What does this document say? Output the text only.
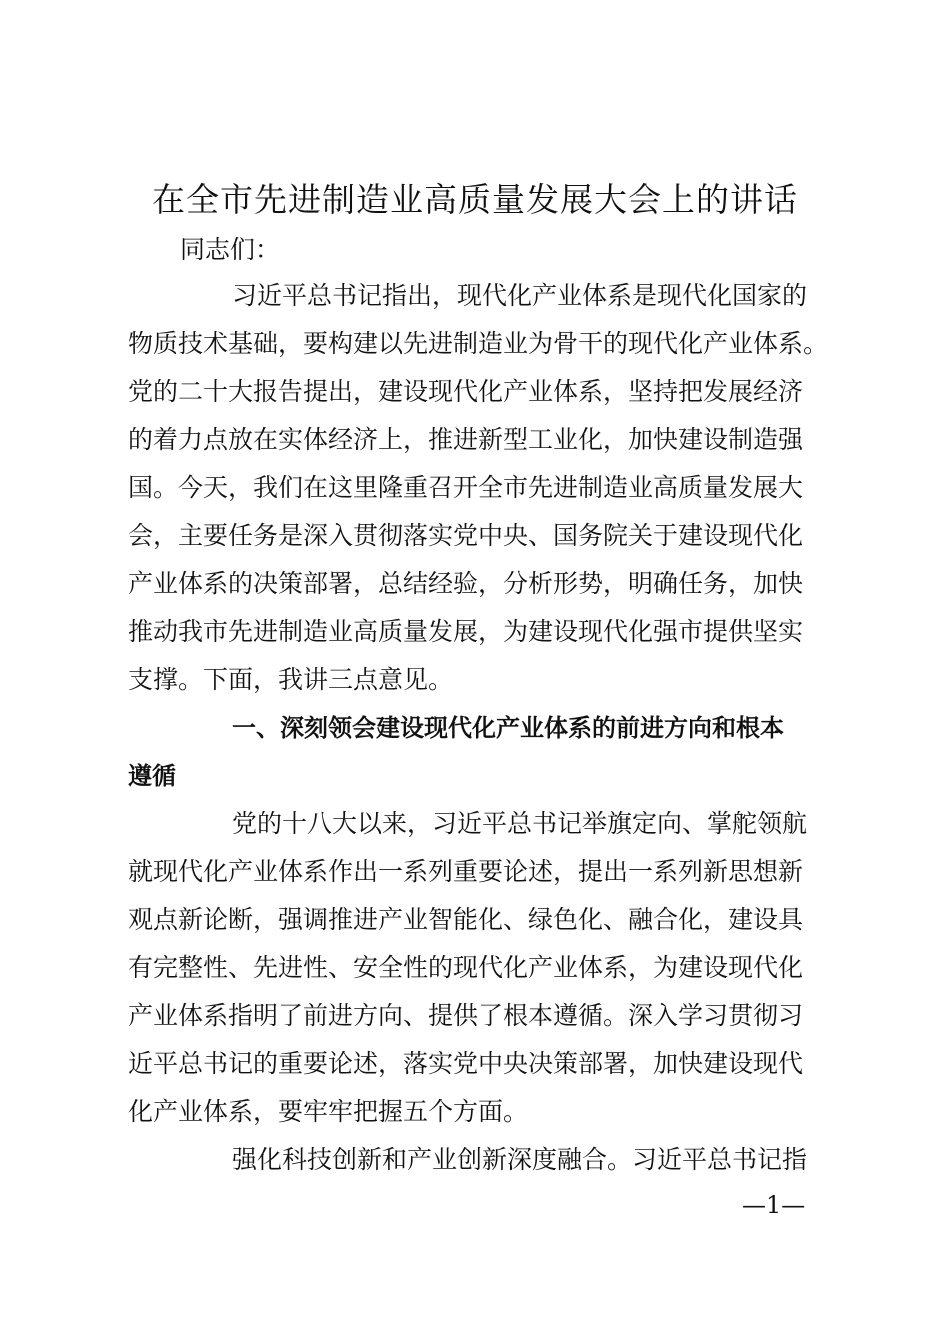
在全市先进制造业高质量发展大会上的讲话
同志们：
习近平总书记指出，现代化产业体系是现代化国家的
物质技术基础，要构建以先进制造业为骨干的现代化产业体系。
党的二十大报告提出，建设现代化产业体系，坚持把发展经济
的着力点放在实体经济上，推进新型工业化，加快建设制造强
国。今天，我们在这里隆重召开全市先进制造业高质量发展大
会，主要任务是深入贯彻落实党中央、国务院关于建设现代化
产业体系的决策部署，总结经验，分析形势，明确任务，加快
推动我市先进制造业高质量发展，为建设现代化强市提供坚实
支撑。下面，我讲三点意见。
一、深刻领会建设现代化产业体系的前进方向和根本
遵循
党的十八大以来，习近平总书记举旗定向、掌舵领航
就现代化产业体系作出一系列重要论述，提出一系列新思想新
观点新论断，强调推进产业智能化、绿色化、融合化，建设具
有完整性、先进性、安全性的现代化产业体系，为建设现代化
产业体系指明了前进方向、提供了根本遵循。深入学习贯彻习
近平总书记的重要论述，落实党中央决策部署，加快建设现代
化产业体系，要牢牢把握五个方面。
强化科技创新和产业创新深度融合。习近平总书记指
—1—
